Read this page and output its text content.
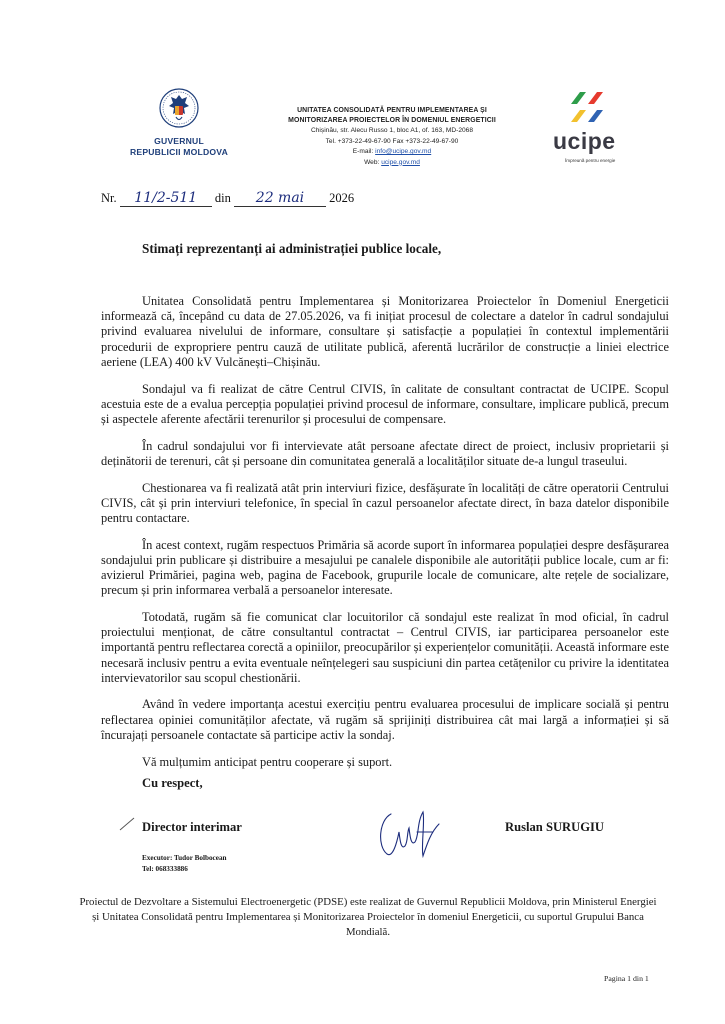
GUVERNUL
REPUBLICII MOLDOVA
UNITATEA CONSOLIDATĂ PENTRU IMPLEMENTAREA ȘI
MONITORIZAREA PROIECTELOR ÎN DOMENIUL ENERGETICII
Chișinău, str. Alecu Russo 1, bloc A1, of. 163, MD-2068
Tel. +373-22-49-67-90 Fax +373-22-49-67-90
E-mail: info@ucipe.gov.md
Web: ucipe.gov.md
ucipe
Împreună pentru energie
Nr. 11/2-511 din 22 mai 2026
Stimați reprezentanți ai administrației publice locale,

Unitatea Consolidată pentru Implementarea și Monitorizarea Proiectelor în Domeniul Energeticii informează că, începând cu data de 27.05.2026, va fi inițiat procesul de colectare a datelor în cadrul sondajului privind evaluarea nivelului de informare, consultare și satisfacție a populației în contextul implementării procedurii de expropriere pentru cauză de utilitate publică, aferentă lucrărilor de construcție a liniei electrice aeriene (LEA) 400 kV Vulcănești–Chișinău.

Sondajul va fi realizat de către Centrul CIVIS, în calitate de consultant contractat de UCIPE. Scopul acestuia este de a evalua percepția populației privind procesul de informare, consultare, implicare publică, precum și aspectele aferente afectării terenurilor și procesului de compensare.

În cadrul sondajului vor fi intervievate atât persoane afectate direct de proiect, inclusiv proprietarii și deținătorii de terenuri, cât și persoane din comunitatea generală a localităților situate de-a lungul traseului.

Chestionarea va fi realizată atât prin interviuri fizice, desfășurate în localități de către operatorii Centrului CIVIS, cât și prin interviuri telefonice, în special în cazul persoanelor afectate direct, în baza datelor disponibile pentru contactare.

În acest context, rugăm respectuos Primăria să acorde suport în informarea populației despre desfășurarea sondajului prin publicare și distribuire a mesajului pe canalele disponibile ale autorității publice locale, cum ar fi: avizierul Primăriei, pagina web, pagina de Facebook, grupurile locale de comunicare, alte rețele de socializare, precum și prin informarea verbală a persoanelor interesate.

Totodată, rugăm să fie comunicat clar locuitorilor că sondajul este realizat în mod oficial, în cadrul proiectului menționat, de către consultantul contractat – Centrul CIVIS, iar participarea persoanelor este importantă pentru reflectarea corectă a opiniilor, preocupărilor și experiențelor comunității. Această informare este necesară inclusiv pentru a evita eventuale neînțelegeri sau suspiciuni din partea cetățenilor cu privire la identitatea intervievatorilor sau scopul chestionării.

Având în vedere importanța acestui exercițiu pentru evaluarea procesului de implicare socială și pentru reflectarea opiniei comunităților afectate, vă rugăm să sprijiniți distribuirea cât mai largă a informației și să încurajați persoanele contactate să participe activ la sondaj.

Vă mulțumim anticipat pentru cooperare și suport.

Cu respect,
Director interimar	Ruslan SURUGIU
Executor: Tudor Bolbocean
Tel: 068333886
Proiectul de Dezvoltare a Sistemului Electroenergetic (PDSE) este realizat de Guvernul Republicii Moldova, prin Ministerul Energiei și Unitatea Consolidată pentru Implementarea și Monitorizarea Proiectelor în domeniul Energeticii, cu suportul Grupului Banca Mondială.
Pagina 1 din 1
